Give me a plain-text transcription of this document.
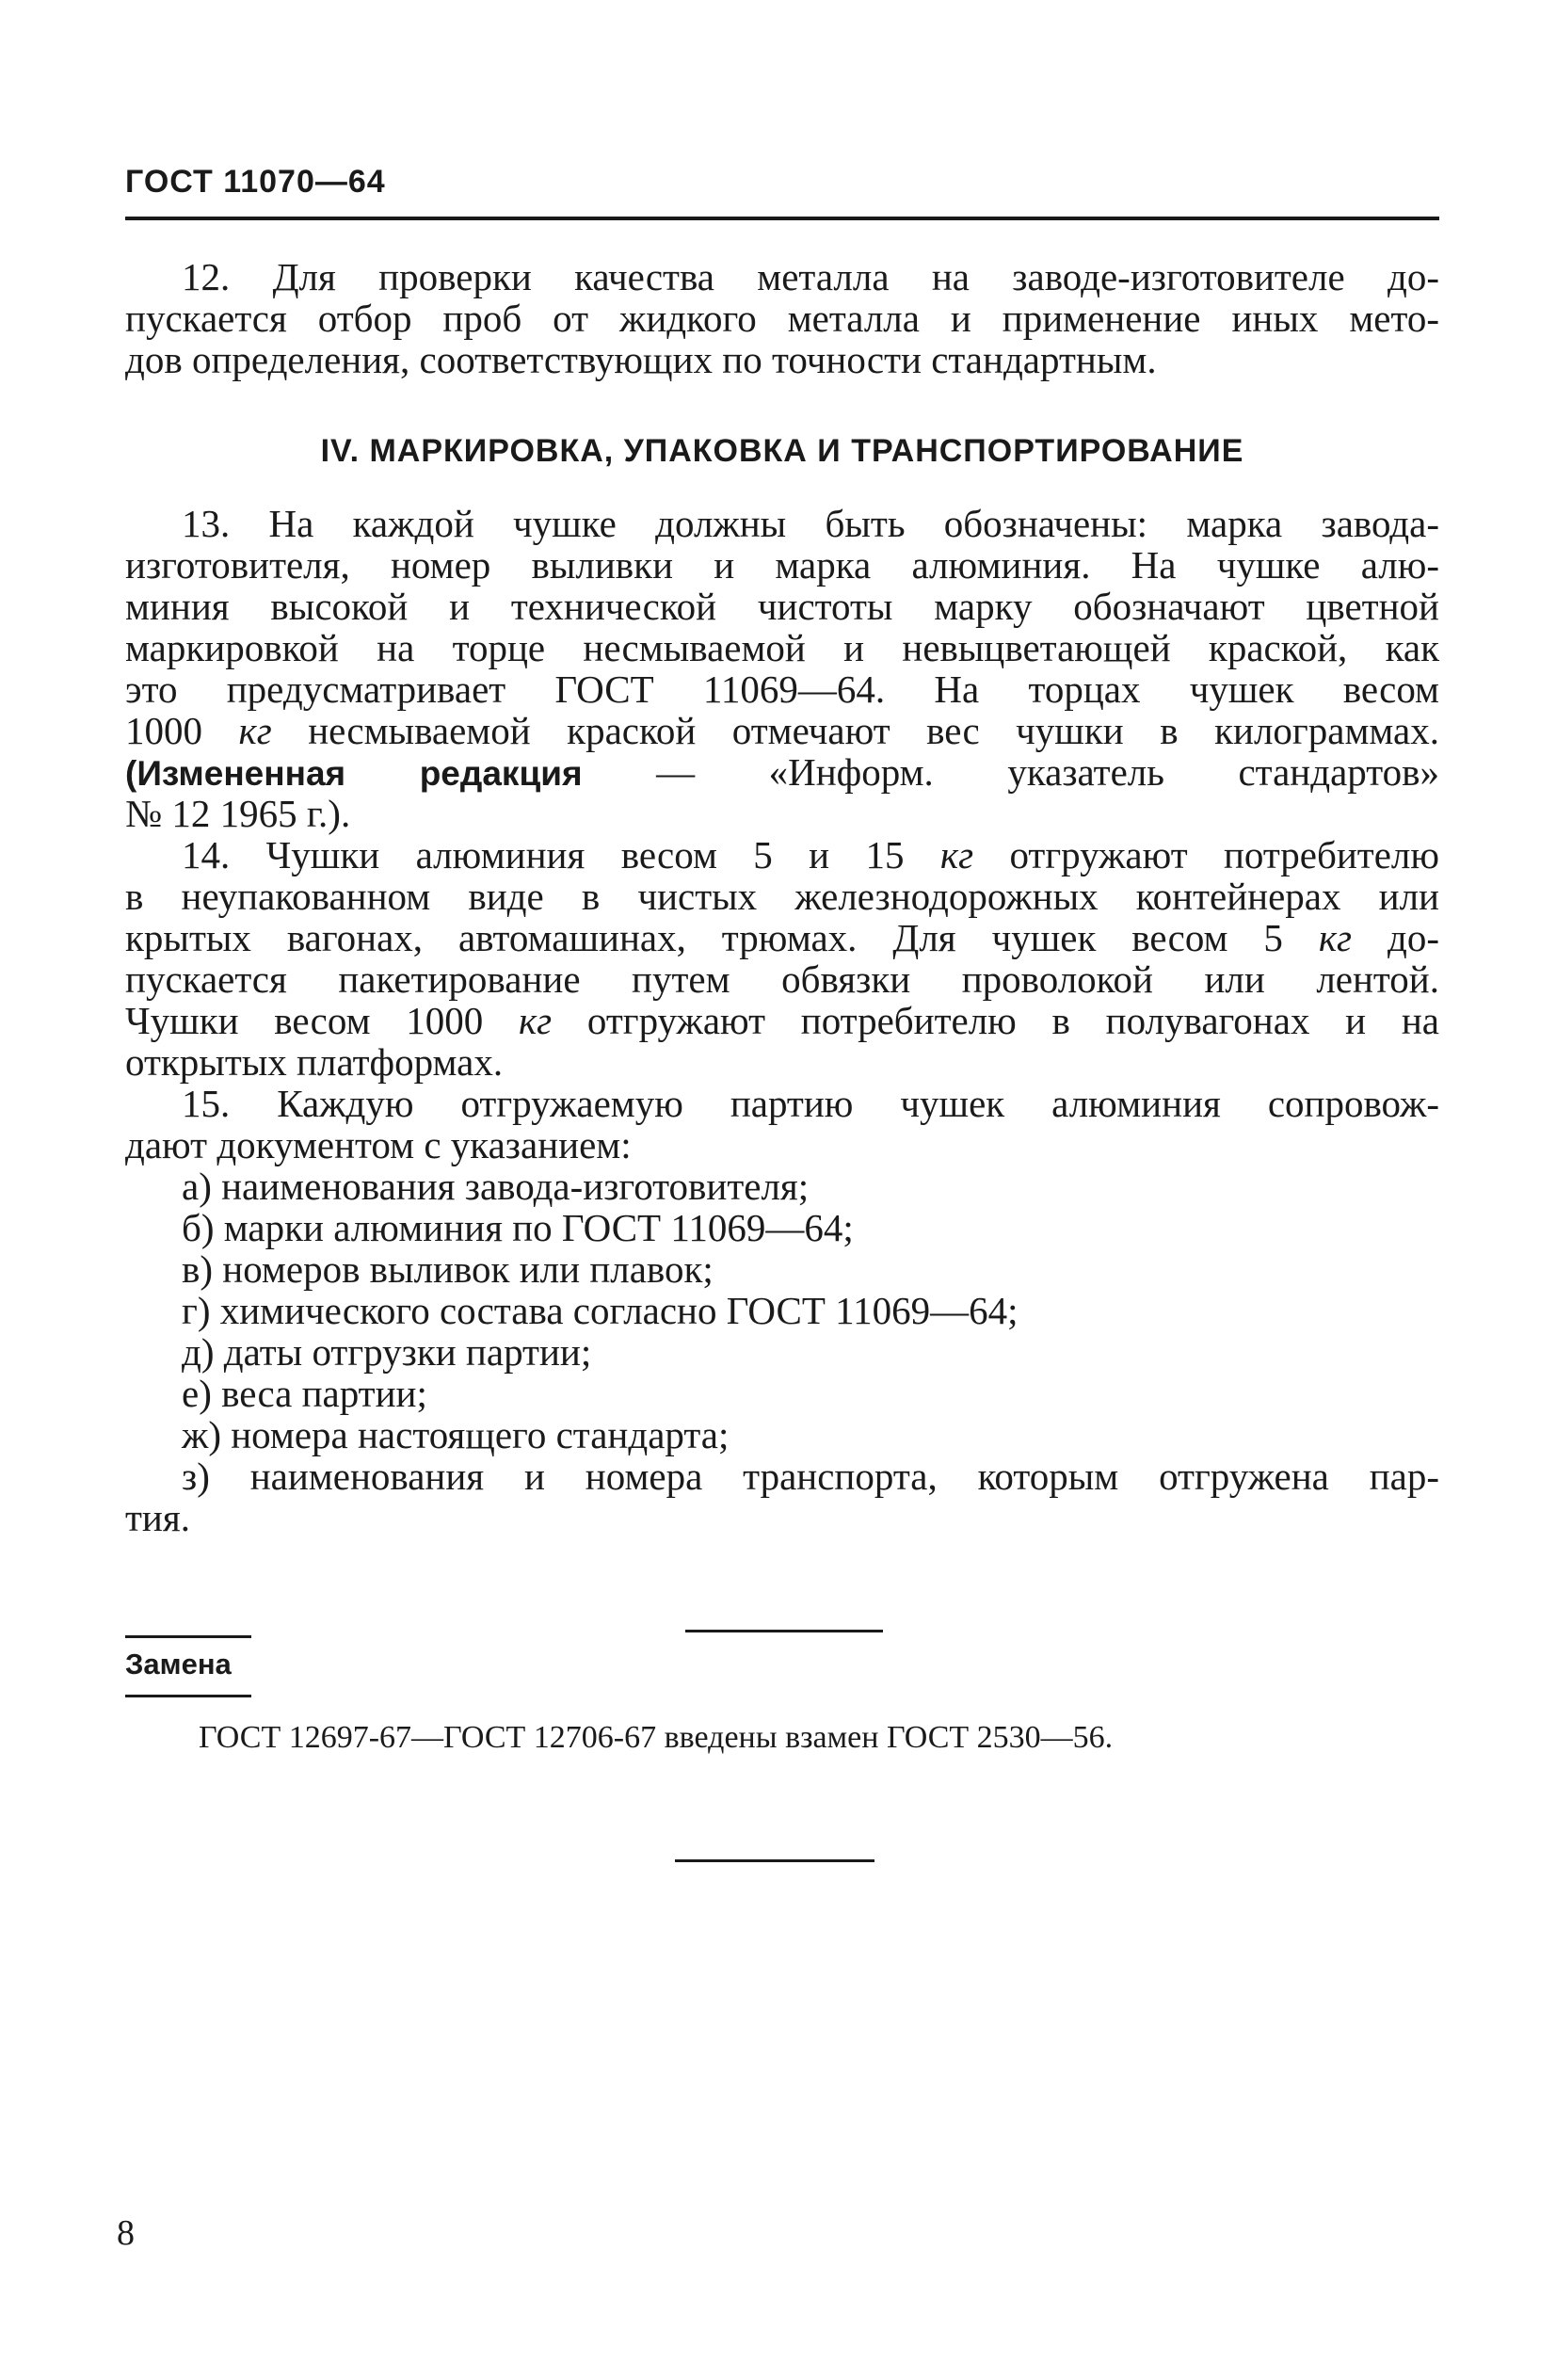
ГОСТ 11070—64
12. Для проверки качества металла на заводе-изготовителе до-
пускается отбор проб от жидкого металла и применение иных мето-
дов определения, соответствующих по точности стандартным.
IV. МАРКИРОВКА, УПАКОВКА И ТРАНСПОРТИРОВАНИЕ
13. На каждой чушке должны быть обозначены: марка завода-
изготовителя, номер выливки и марка алюминия. На чушке алю-
миния высокой и технической чистоты марку обозначают цветной
маркировкой на торце несмываемой и невыцветающей краской, как
это предусматривает ГОСТ 11069—64. На торцах чушек весом
1000 кг несмываемой краской отмечают вес чушки в килограммах.
(Измененная редакция — «Информ. указатель стандартов»
№ 12 1965 г.).
14. Чушки алюминия весом 5 и 15 кг отгружают потребителю
в неупакованном виде в чистых железнодорожных контейнерах или
крытых вагонах, автомашинах, трюмах. Для чушек весом 5 кг до-
пускается пакетирование путем обвязки проволокой или лентой.
Чушки весом 1000 кг отгружают потребителю в полувагонах и на
открытых платформах.
15. Каждую отгружаемую партию чушек алюминия сопровож-
дают документом с указанием:
а) наименования завода-изготовителя;
б) марки алюминия по ГОСТ 11069—64;
в) номеров выливок или плавок;
г) химического состава согласно ГОСТ 11069—64;
д) даты отгрузки партии;
е) веса партии;
ж) номера настоящего стандарта;
з) наименования и номера транспорта, которым отгружена пар-
тия.
Замена
ГОСТ 12697-67—ГОСТ 12706-67 введены взамен ГОСТ 2530—56.
8
